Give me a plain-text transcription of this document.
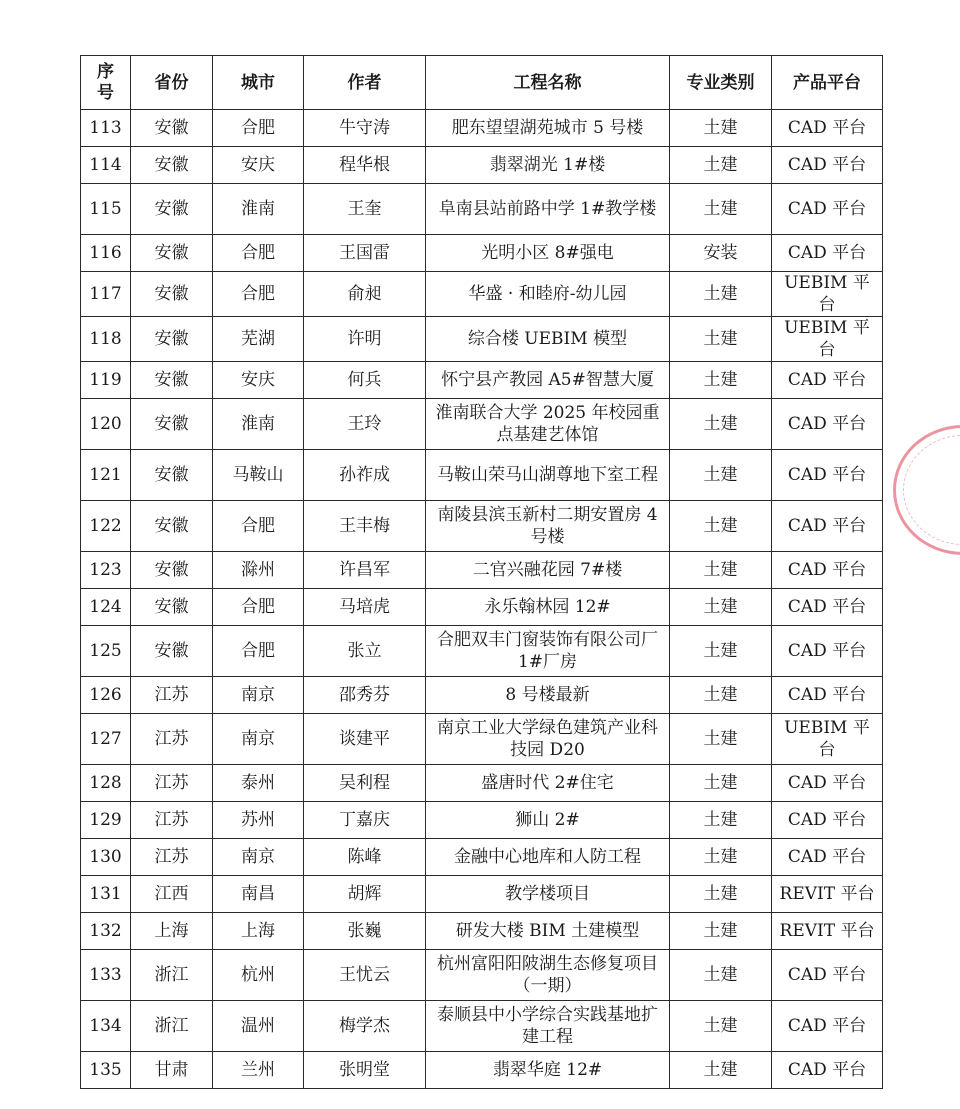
序
号	省份	城市	作者	工程名称	专业类别	产品平台
113	安徽	合肥	牛守涛	肥东望望湖苑城市 5 号楼	土建	CAD 平台
114	安徽	安庆	程华根	翡翠湖光 1#楼	土建	CAD 平台
115	安徽	淮南	王奎	阜南县站前路中学 1#教学楼	土建	CAD 平台
116	安徽	合肥	王国雷	光明小区 8#强电	安装	CAD 平台
117	安徽	合肥	俞昶	华盛 · 和睦府-幼儿园	土建	UEBIM 平台
118	安徽	芜湖	许明	综合楼 UEBIM 模型	土建	UEBIM 平台
119	安徽	安庆	何兵	怀宁县产教园 A5#智慧大厦	土建	CAD 平台
120	安徽	淮南	王玲	淮南联合大学 2025 年校园重点基建艺体馆	土建	CAD 平台
121	安徽	马鞍山	孙祚成	马鞍山荣马山湖尊地下室工程	土建	CAD 平台
122	安徽	合肥	王丰梅	南陵县滨玉新村二期安置房 4 号楼	土建	CAD 平台
123	安徽	滁州	许昌军	二官兴融花园 7#楼	土建	CAD 平台
124	安徽	合肥	马培虎	永乐翰林园 12#	土建	CAD 平台
125	安徽	合肥	张立	合肥双丰门窗装饰有限公司厂 1#厂房	土建	CAD 平台
126	江苏	南京	邵秀芬	8 号楼最新	土建	CAD 平台
127	江苏	南京	谈建平	南京工业大学绿色建筑产业科技园 D20	土建	UEBIM 平台
128	江苏	泰州	吴利程	盛唐时代 2#住宅	土建	CAD 平台
129	江苏	苏州	丁嘉庆	狮山 2#	土建	CAD 平台
130	江苏	南京	陈峰	金融中心地库和人防工程	土建	CAD 平台
131	江西	南昌	胡辉	教学楼项目	土建	REVIT 平台
132	上海	上海	张巍	研发大楼 BIM 土建模型	土建	REVIT 平台
133	浙江	杭州	王忧云	杭州富阳阳陂湖生态修复项目（一期）	土建	CAD 平台
134	浙江	温州	梅学杰	泰顺县中小学综合实践基地扩建工程	土建	CAD 平台
135	甘肃	兰州	张明堂	翡翠华庭 12#	土建	CAD 平台
